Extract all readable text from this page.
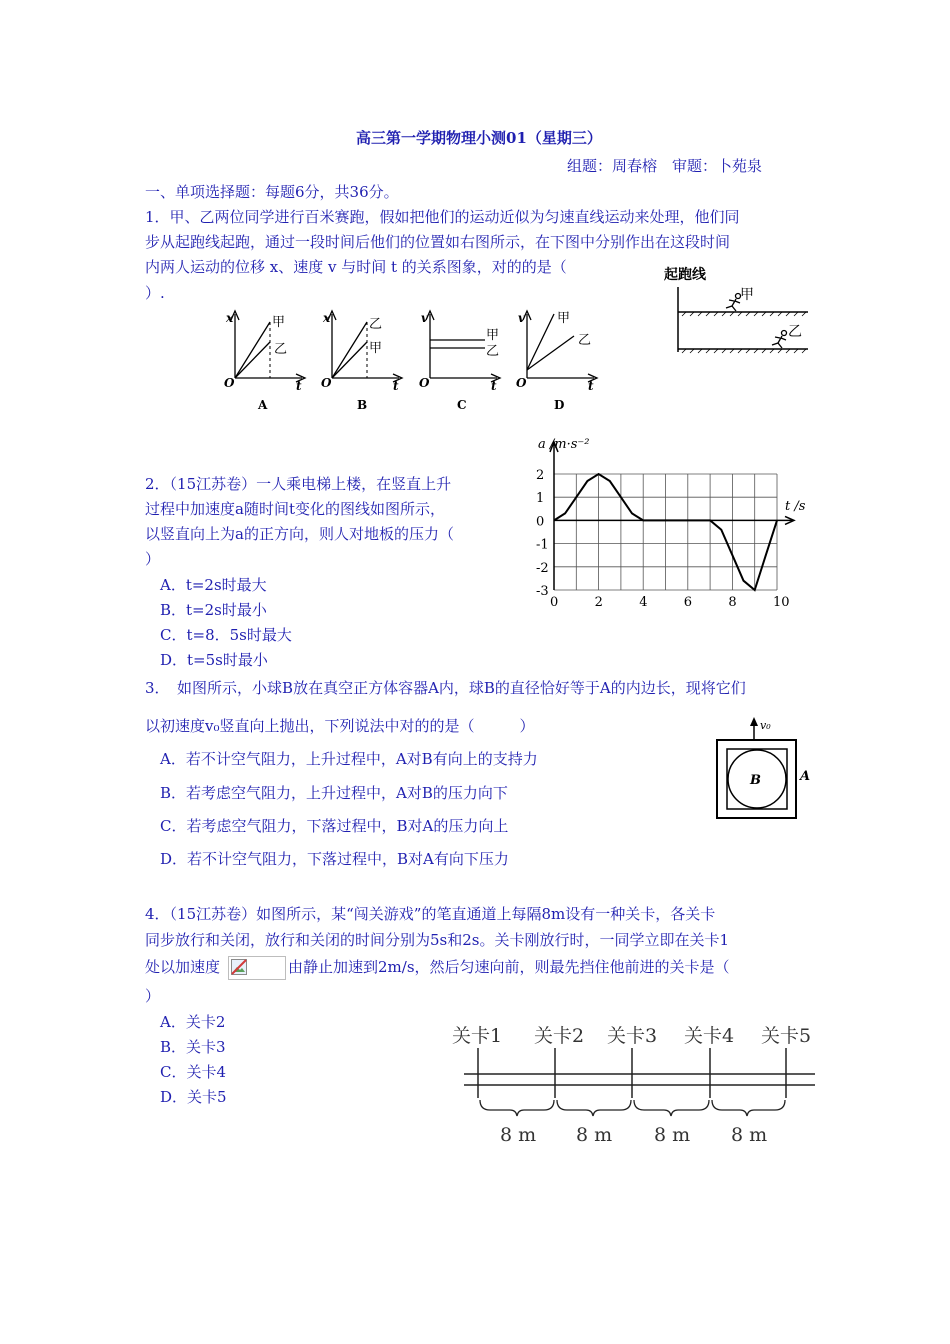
高三第一学期物理小测01（星期三）
组题：周春榕　审题：卜苑泉
一、单项选择题：每题6分，共36分。
1．甲、乙两位同学进行百米赛跑，假如把他们的运动近似为匀速直线运动来处理，他们同
步从起跑线起跑，通过一段时间后他们的位置如右图所示，在下图中分别作出在这段时间
内两人运动的位移 x、速度 v 与时间 t 的关系图象，对的的是（
）.
起跑线
甲
乙
x
t
O
甲
乙
A
x
t
O
乙
甲
B
v
t
O
甲
乙
C
v
t
O
甲
乙
D
2．（15江苏卷）一人乘电梯上楼，在竖直上升
过程中加速度a随时间t变化的图线如图所示，
以竖直向上为a的正方向，则人对地板的压力（
）
A．t=2s时最大
B．t=2s时最小
C．t=8．5s时最大
D．t=5s时最小
0	2	4	6	8	10
2
1
0
-1
-2
-3
a /m·s⁻²
t /s
3．　如图所示，小球B放在真空正方体容器A内，球B的直径恰好等于A的内边长，现将它们
以初速度v₀竖直向上抛出，下列说法中对的的是（　　　）
A．若不计空气阻力，上升过程中，A对B有向上的支持力
B．若考虑空气阻力，上升过程中，A对B的压力向下
C．若考虑空气阻力，下落过程中，B对A的压力向上
D．若不计空气阻力，下落过程中，B对A有向下压力
v₀
B	A
4．（15江苏卷）如图所示，某“闯关游戏”的笔直通道上每隔8m设有一种关卡，各关卡
同步放行和关闭，放行和关闭的时间分别为5s和2s。关卡刚放行时，一同学立即在关卡1
处以加速度	由静止加速到2m/s，然后匀速向前，则最先挡住他前进的关卡是（
）
A．关卡2
B．关卡3
C．关卡4
D．关卡5
关卡1 关卡2 关卡3 关卡4 关卡5
8 m 8 m 8 m 8 m
